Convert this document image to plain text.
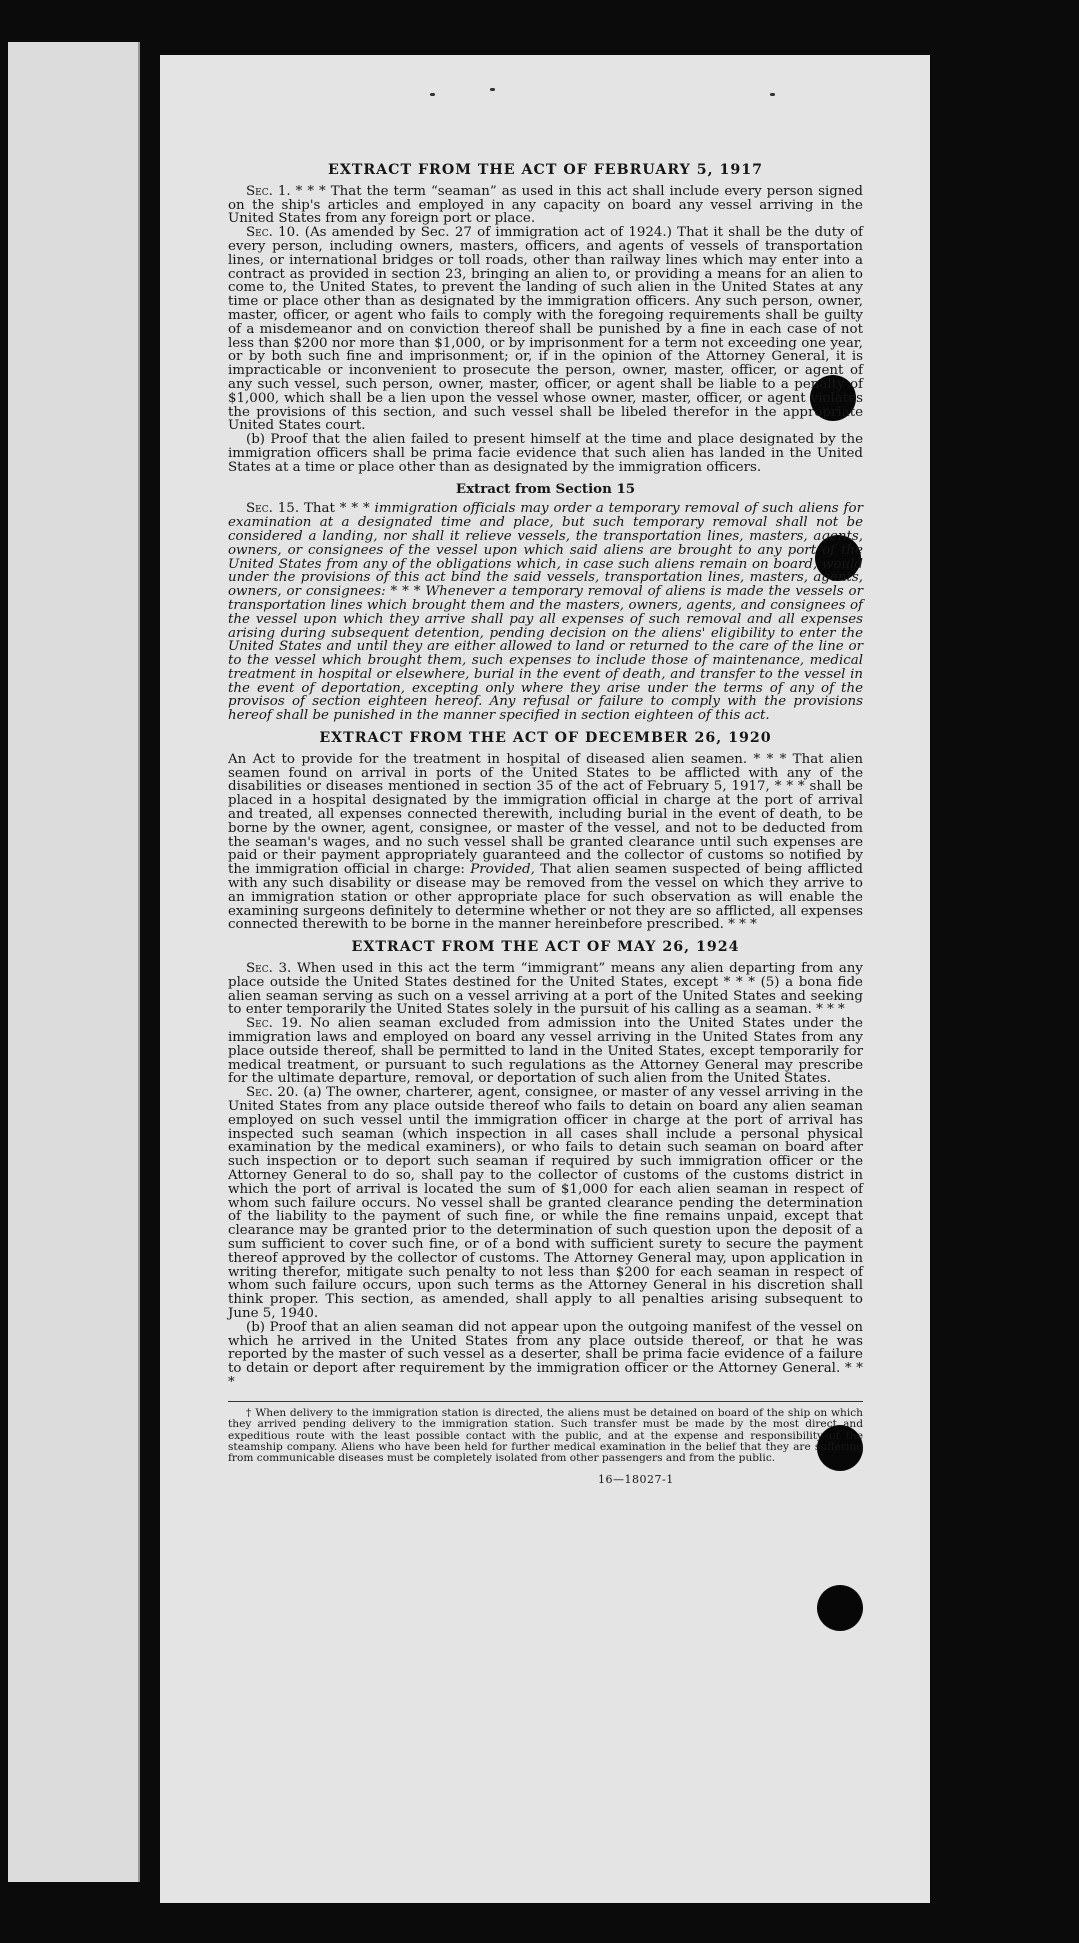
EXTRACT FROM THE ACT OF FEBRUARY 5, 1917

Sec. 1. * * * That the term “seaman” as used in this act shall include every person signed on the ship's articles and employed in any capacity on board any vessel arriving in the United States from any foreign port or place.

Sec. 10. (As amended by Sec. 27 of immigration act of 1924.) That it shall be the duty of every person, including owners, masters, officers, and agents of vessels of transportation lines, or international bridges or toll roads, other than railway lines which may enter into a contract as provided in section 23, bringing an alien to, or providing a means for an alien to come to, the United States, to prevent the landing of such alien in the United States at any time or place other than as designated by the immigration officers. Any such person, owner, master, officer, or agent who fails to comply with the foregoing requirements shall be guilty of a misdemeanor and on conviction thereof shall be punished by a fine in each case of not less than $200 nor more than $1,000, or by imprisonment for a term not exceeding one year, or by both such fine and imprisonment; or, if in the opinion of the Attorney General, it is impracticable or inconvenient to prosecute the person, owner, master, officer, or agent of any such vessel, such person, owner, master, officer, or agent shall be liable to a penalty of $1,000, which shall be a lien upon the vessel whose owner, master, officer, or agent violates the provisions of this section, and such vessel shall be libeled therefor in the appropriate United States court.

(b) Proof that the alien failed to present himself at the time and place designated by the immigration officers shall be prima facie evidence that such alien has landed in the United States at a time or place other than as designated by the immigration officers.

Extract from Section 15

Sec. 15. That * * * immigration officials may order a temporary removal of such aliens for examination at a designated time and place, but such temporary removal shall not be considered a landing, nor shall it relieve vessels, the transportation lines, masters, agents, owners, or consignees of the vessel upon which said aliens are brought to any port of the United States from any of the obligations which, in case such aliens remain on board, would under the provisions of this act bind the said vessels, transportation lines, masters, agents, owners, or consignees: * * * Whenever a temporary removal of aliens is made the vessels or transportation lines which brought them and the masters, owners, agents, and consignees of the vessel upon which they arrive shall pay all expenses of such removal and all expenses arising during subsequent detention, pending decision on the aliens' eligibility to enter the United States and until they are either allowed to land or returned to the care of the line or to the vessel which brought them, such expenses to include those of maintenance, medical treatment in hospital or elsewhere, burial in the event of death, and transfer to the vessel in the event of deportation, excepting only where they arise under the terms of any of the provisos of section eighteen hereof. Any refusal or failure to comply with the provisions hereof shall be punished in the manner specified in section eighteen of this act.

EXTRACT FROM THE ACT OF DECEMBER 26, 1920

An Act to provide for the treatment in hospital of diseased alien seamen. * * * That alien seamen found on arrival in ports of the United States to be afflicted with any of the disabilities or diseases mentioned in section 35 of the act of February 5, 1917, * * * shall be placed in a hospital designated by the immigration official in charge at the port of arrival and treated, all expenses connected therewith, including burial in the event of death, to be borne by the owner, agent, consignee, or master of the vessel, and not to be deducted from the seaman's wages, and no such vessel shall be granted clearance until such expenses are paid or their payment appropriately guaranteed and the collector of customs so notified by the immigration official in charge: Provided, That alien seamen suspected of being afflicted with any such disability or disease may be removed from the vessel on which they arrive to an immigration station or other appropriate place for such observation as will enable the examining surgeons definitely to determine whether or not they are so afflicted, all expenses connected therewith to be borne in the manner hereinbefore prescribed. * * *

EXTRACT FROM THE ACT OF MAY 26, 1924

Sec. 3. When used in this act the term “immigrant” means any alien departing from any place outside the United States destined for the United States, except * * * (5) a bona fide alien seaman serving as such on a vessel arriving at a port of the United States and seeking to enter temporarily the United States solely in the pursuit of his calling as a seaman. * * *

Sec. 19. No alien seaman excluded from admission into the United States under the immigration laws and employed on board any vessel arriving in the United States from any place outside thereof, shall be permitted to land in the United States, except temporarily for medical treatment, or pursuant to such regulations as the Attorney General may prescribe for the ultimate departure, removal, or deportation of such alien from the United States.

Sec. 20. (a) The owner, charterer, agent, consignee, or master of any vessel arriving in the United States from any place outside thereof who fails to detain on board any alien seaman employed on such vessel until the immigration officer in charge at the port of arrival has inspected such seaman (which inspection in all cases shall include a personal physical examination by the medical examiners), or who fails to detain such seaman on board after such inspection or to deport such seaman if required by such immigration officer or the Attorney General to do so, shall pay to the collector of customs of the customs district in which the port of arrival is located the sum of $1,000 for each alien seaman in respect of whom such failure occurs. No vessel shall be granted clearance pending the determination of the liability to the payment of such fine, or while the fine remains unpaid, except that clearance may be granted prior to the determination of such question upon the deposit of a sum sufficient to cover such fine, or of a bond with sufficient surety to secure the payment thereof approved by the collector of customs. The Attorney General may, upon application in writing therefor, mitigate such penalty to not less than $200 for each seaman in respect of whom such failure occurs, upon such terms as the Attorney General in his discretion shall think proper. This section, as amended, shall apply to all penalties arising subsequent to June 5, 1940.

(b) Proof that an alien seaman did not appear upon the outgoing manifest of the vessel on which he arrived in the United States from any place outside thereof, or that he was reported by the master of such vessel as a deserter, shall be prima facie evidence of a failure to detain or deport after requirement by the immigration officer or the Attorney General. * * *

† When delivery to the immigration station is directed, the aliens must be detained on board of the ship on which they arrived pending delivery to the immigration station. Such transfer must be made by the most direct and expeditious route with the least possible contact with the public, and at the expense and responsibility of the steamship company. Aliens who have been held for further medical examination in the belief that they are suffering from communicable diseases must be completely isolated from other passengers and from the public.

16—18027-1
